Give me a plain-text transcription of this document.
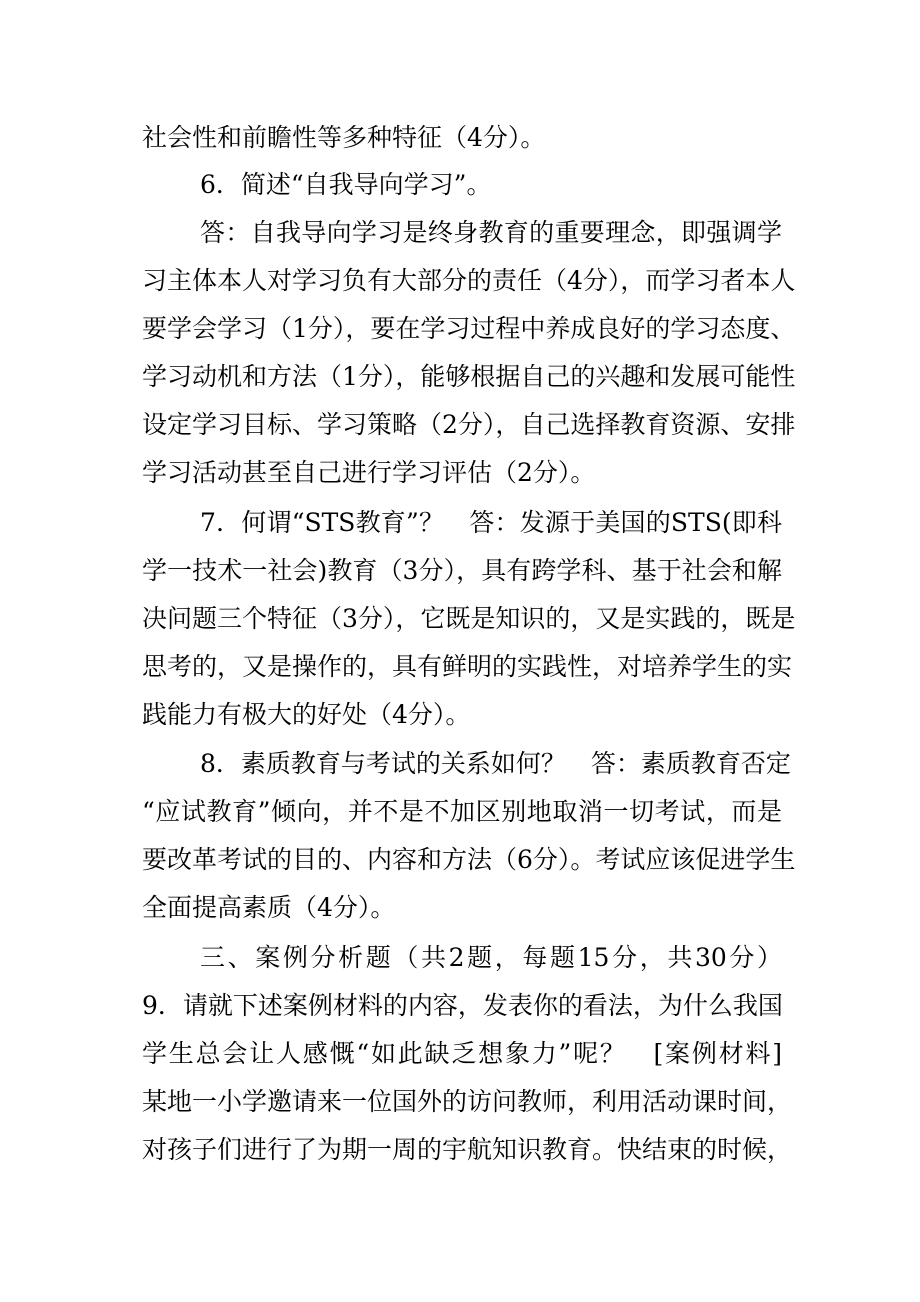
社会性和前瞻性等多种特征（4分）。
6．简述“自我导向学习”。
答：自我导向学习是终身教育的重要理念，即强调学
习主体本人对学习负有大部分的责任（4分），而学习者本人
要学会学习（1分），要在学习过程中养成良好的学习态度、
学习动机和方法（1分），能够根据自己的兴趣和发展可能性
设定学习目标、学习策略（2分），自己选择教育资源、安排
学习活动甚至自己进行学习评估（2分）。
7．何谓“STS教育”？　答：发源于美国的STS(即科
学一技术一社会)教育（3分），具有跨学科、基于社会和解
决问题三个特征（3分），它既是知识的，又是实践的，既是
思考的，又是操作的，具有鲜明的实践性，对培养学生的实
践能力有极大的好处（4分）。
8．素质教育与考试的关系如何？　答：素质教育否定
“应试教育”倾向，并不是不加区别地取消一切考试，而是
要改革考试的目的、内容和方法（6分）。考试应该促进学生
全面提高素质（4分）。
三、案例分析题（共2题，每题15分，共30分）
9．请就下述案例材料的内容，发表你的看法，为什么我国
学生总会让人感慨“如此缺乏想象力”呢？　[案例材料]
某地一小学邀请来一位国外的访问教师，利用活动课时间，
对孩子们进行了为期一周的宇航知识教育。快结束的时候，
